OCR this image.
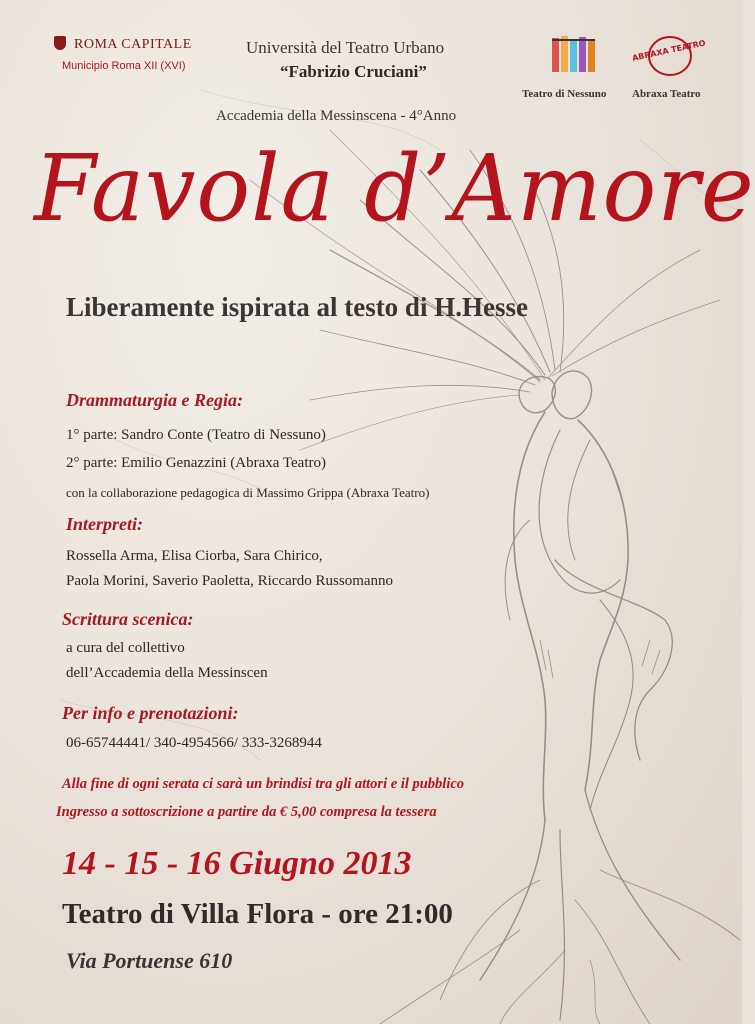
ROMA CAPITALE
Municipio Roma XII (XVI)
Università del Teatro Urbano
“Fabrizio Cruciani”
Accademia della Messinscena - 4°Anno
Teatro di Nessuno
ABRAXA TEATRO
Abraxa Teatro
Favola d’Amore
Liberamente ispirata al testo di H.Hesse
Drammaturgia e Regia:
1° parte: Sandro Conte (Teatro di Nessuno)
2° parte: Emilio Genazzini (Abraxa Teatro)
con la collaborazione pedagogica di Massimo Grippa (Abraxa Teatro)
Interpreti:
Rossella Arma, Elisa Ciorba, Sara Chirico,
Paola Morini, Saverio Paoletta, Riccardo Russomanno
Scrittura scenica:
a cura del collettivo
dell’Accademia della Messinscen
Per info e prenotazioni:
06-65744441/ 340-4954566/ 333-3268944
Alla fine di ogni serata ci sarà un brindisi tra gli attori e il pubblico
Ingresso a sottoscrizione a partire da € 5,00 compresa la tessera
14 - 15 - 16 Giugno 2013
Teatro di Villa Flora - ore 21:00
Via Portuense 610
